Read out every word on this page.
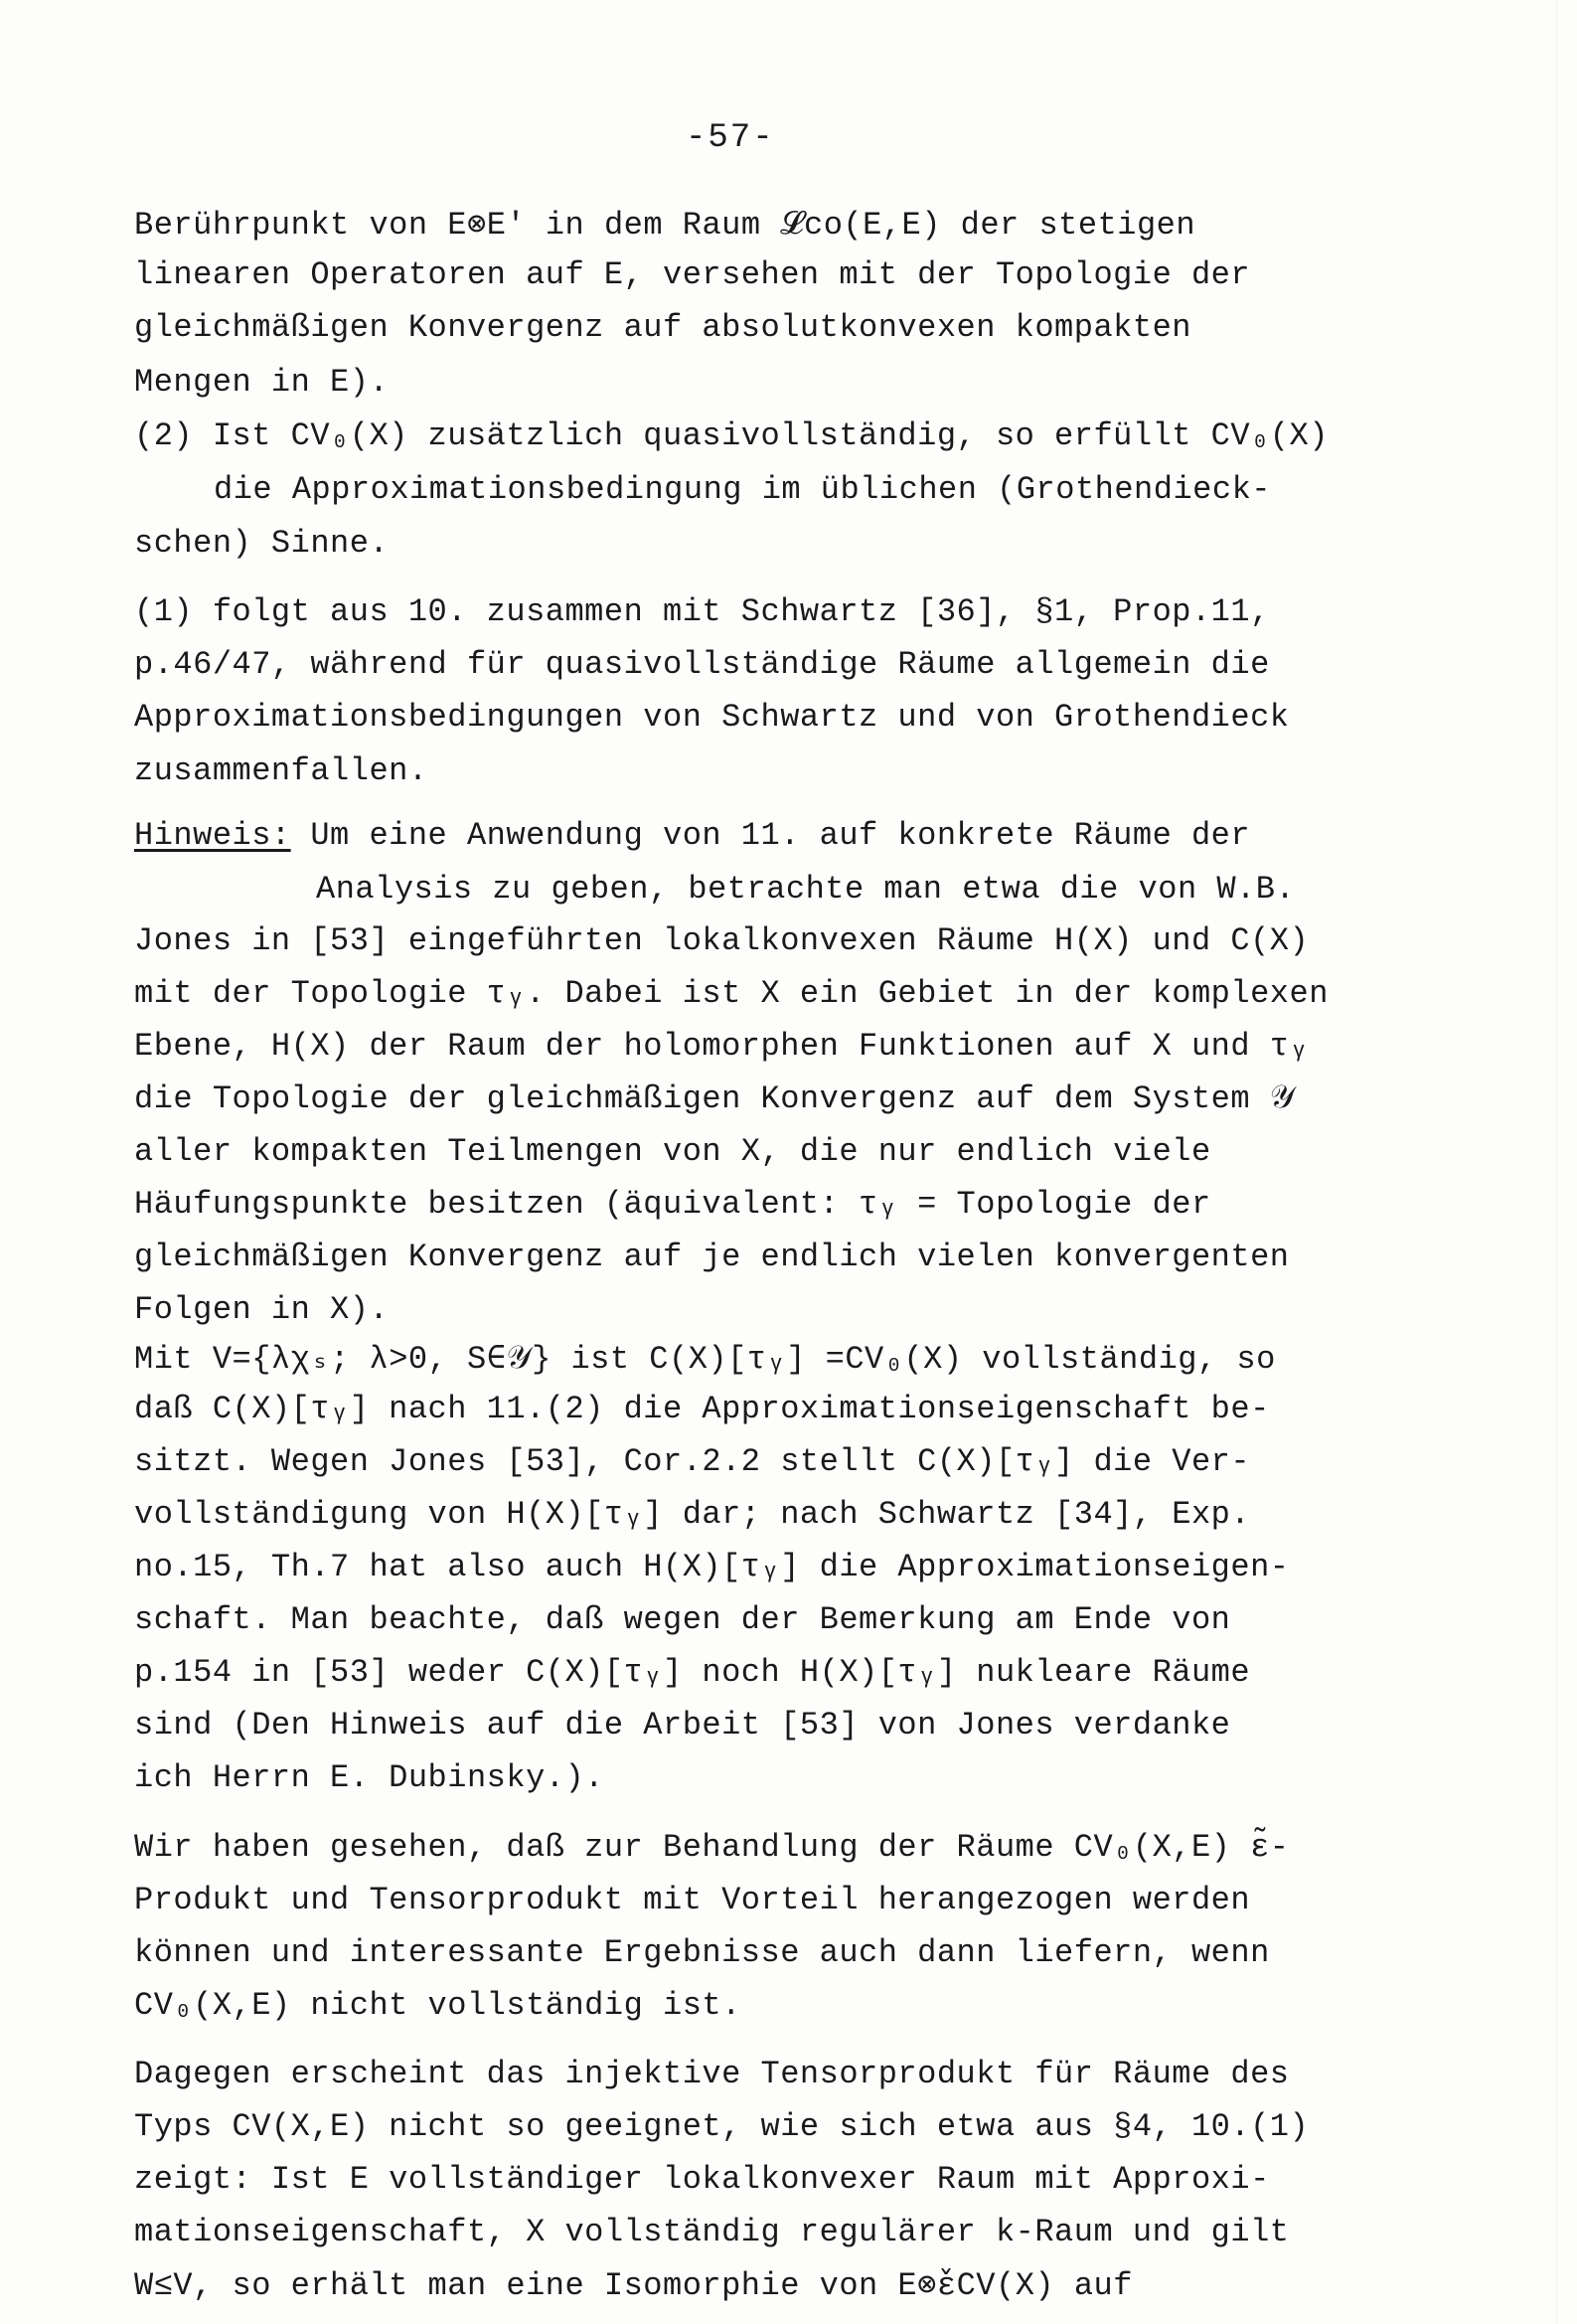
-57-
Berührpunkt von E⊗E' in dem Raum 𝓛co(E,E) der stetigen
linearen Operatoren auf E, versehen mit der Topologie der
gleichmäßigen Konvergenz auf absolutkonvexen kompakten
Mengen in E).
(2) Ist CV₀(X) zusätzlich quasivollständig, so erfüllt CV₀(X)
die Approximationsbedingung im üblichen (Grothendieck-
schen) Sinne.
(1) folgt aus 10. zusammen mit Schwartz [36], §1, Prop.11,
p.46/47, während für quasivollständige Räume allgemein die
Approximationsbedingungen von Schwartz und von Grothendieck
zusammenfallen.
Hinweis: Um eine Anwendung von 11. auf konkrete Räume der
Analysis zu geben, betrachte man etwa die von W.B.
Jones in [53] eingeführten lokalkonvexen Räume H(X) und C(X)
mit der Topologie τᵧ. Dabei ist X ein Gebiet in der komplexen
Ebene, H(X) der Raum der holomorphen Funktionen auf X und τᵧ
die Topologie der gleichmäßigen Konvergenz auf dem System 𝒴
aller kompakten Teilmengen von X, die nur endlich viele
Häufungspunkte besitzen (äquivalent: τᵧ = Topologie der
gleichmäßigen Konvergenz auf je endlich vielen konvergenten
Folgen in X).
Mit V={λχₛ; λ>0, S∈𝒴} ist C(X)[τᵧ] =CV₀(X) vollständig, so
daß C(X)[τᵧ] nach 11.(2) die Approximationseigenschaft be-
sitzt. Wegen Jones [53], Cor.2.2 stellt C(X)[τᵧ] die Ver-
vollständigung von H(X)[τᵧ] dar; nach Schwartz [34], Exp.
no.15, Th.7 hat also auch H(X)[τᵧ] die Approximationseigen-
schaft. Man beachte, daß wegen der Bemerkung am Ende von
p.154 in [53] weder C(X)[τᵧ] noch H(X)[τᵧ] nukleare Räume
sind (Den Hinweis auf die Arbeit [53] von Jones verdanke
ich Herrn E. Dubinsky.).
Wir haben gesehen, daß zur Behandlung der Räume CV₀(X,E) ε̃-
Produkt und Tensorprodukt mit Vorteil herangezogen werden
können und interessante Ergebnisse auch dann liefern, wenn
CV₀(X,E) nicht vollständig ist.
Dagegen erscheint das injektive Tensorprodukt für Räume des
Typs CV(X,E) nicht so geeignet, wie sich etwa aus §4, 10.(1)
zeigt: Ist E vollständiger lokalkonvexer Raum mit Approxi-
mationseigenschaft, X vollständig regulärer k-Raum und gilt
W≤V, so erhält man eine Isomorphie von E⊗̌εCV(X) auf
